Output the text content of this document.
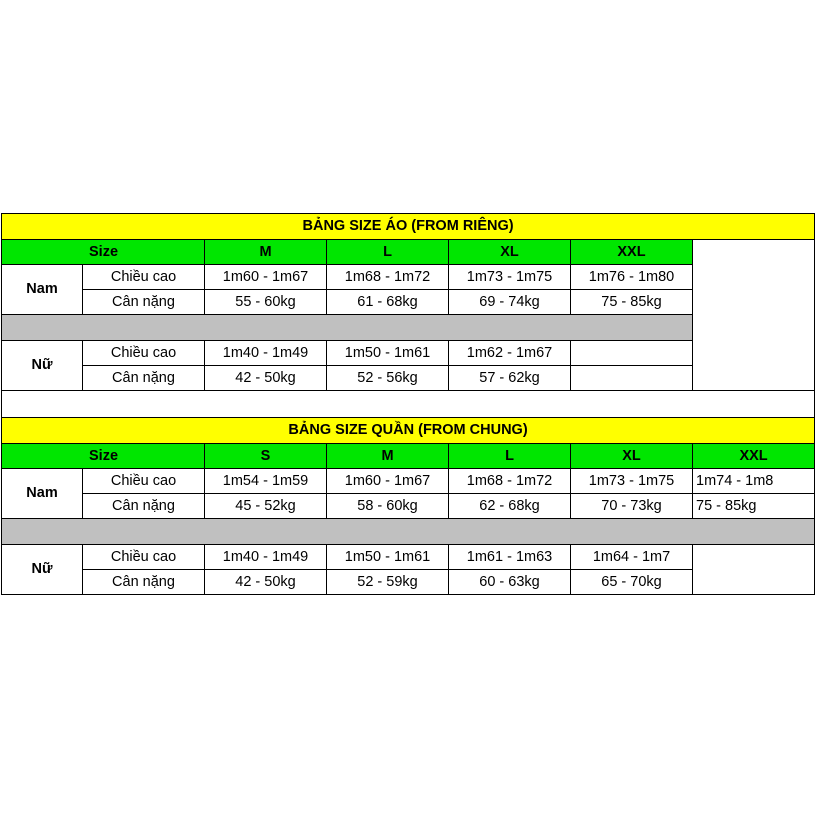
BẢNG SIZE ÁO (FROM RIÊNG)							
Size		M	L	XL	XXL		
Nam	Chiều cao	1m60 - 1m67	1m68 - 1m72	1m73 - 1m75	1m76 - 1m80		
	Cân nặng	55 - 60kg	61 - 68kg	69 - 74kg	75 - 85kg		

Nữ	Chiều cao	1m40 - 1m49	1m50 - 1m61	1m62 - 1m67			
	Cân nặng	42 - 50kg	52 - 56kg	57 - 62kg			

BẢNG SIZE QUẦN (FROM CHUNG)							
Size		S	M	L	XL	XXL	
Nam	Chiều cao	1m54 - 1m59	1m60 - 1m67	1m68 - 1m72	1m73 - 1m75	1m74 - 1m8	
	Cân nặng	45 - 52kg	58 - 60kg	62 - 68kg	70 - 73kg	75 - 85kg	

Nữ	Chiều cao	1m40 - 1m49	1m50 - 1m61	1m61 - 1m63	1m64 - 1m7		
	Cân nặng	42 - 50kg	52 - 59kg	60 - 63kg	65 - 70kg		
